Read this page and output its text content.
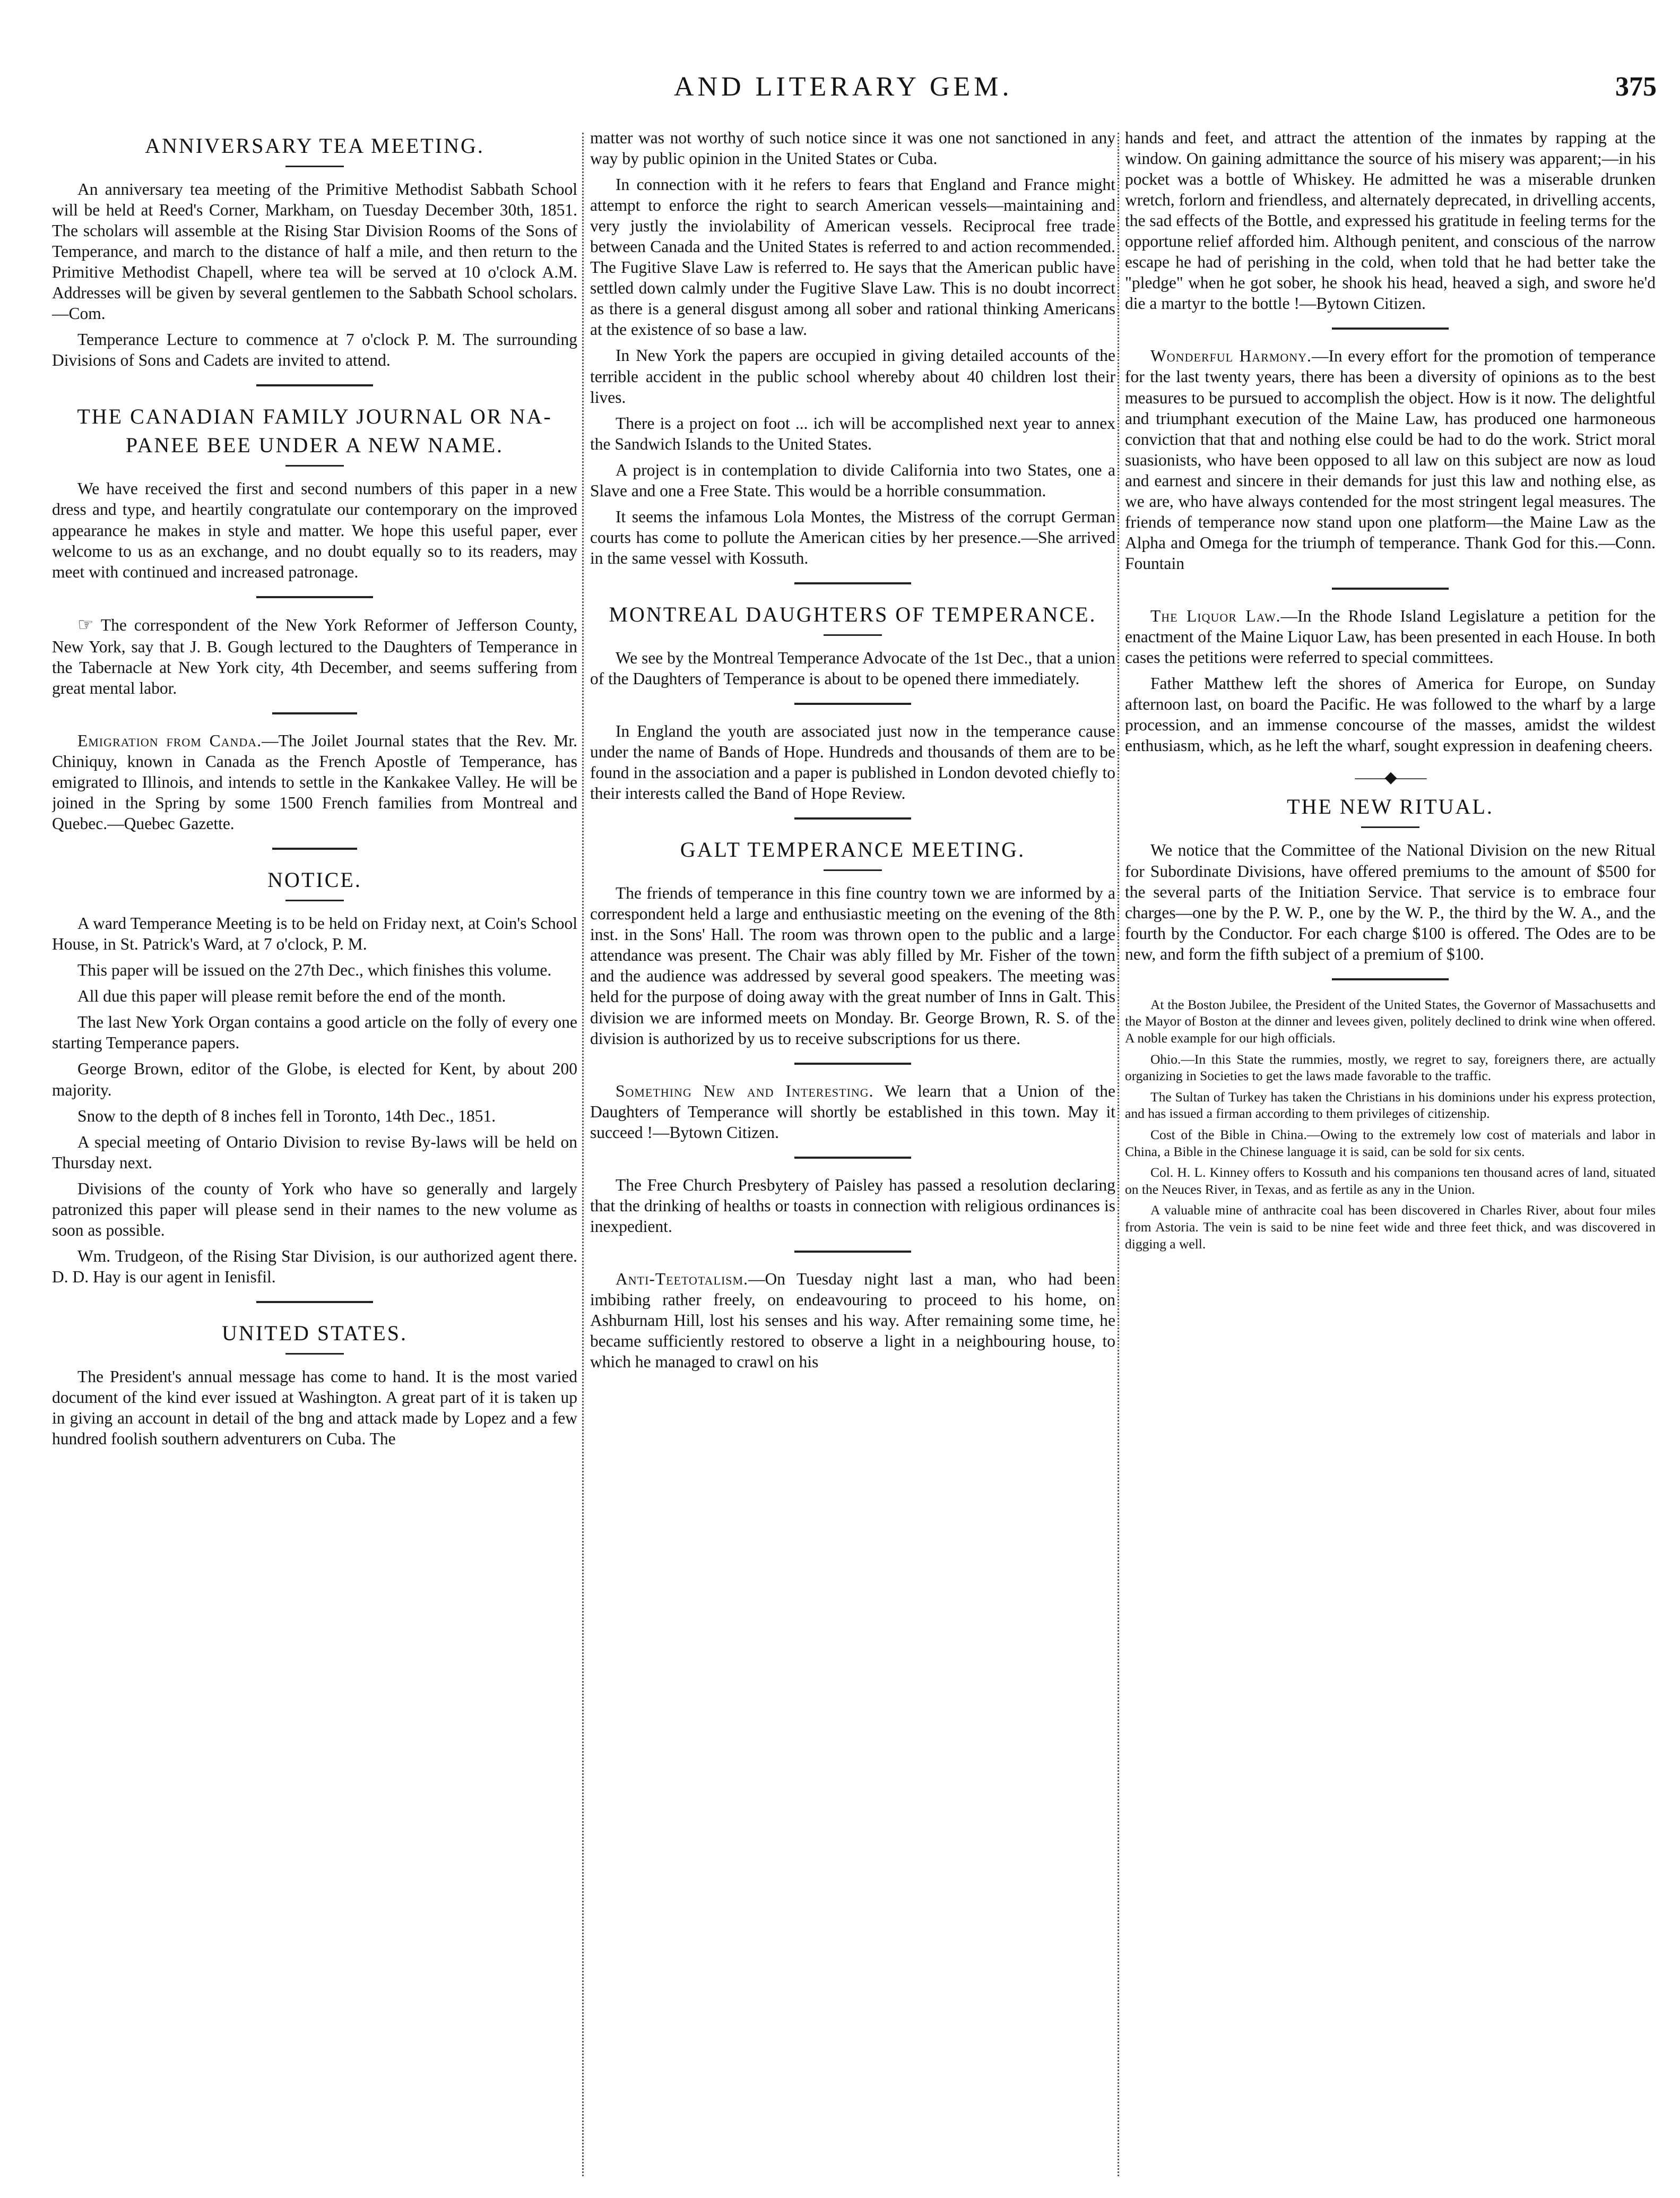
AND LITERARY GEM.	375
ANNIVERSARY TEA MEETING.

An anniversary tea meeting of the Primitive Methodist Sabbath School will be held at Reed's Corner, Markham, on Tuesday December 30th, 1851. The scholars will assemble at the Rising Star Division Rooms of the Sons of Temperance, and march to the distance of half a mile, and then return to the Primitive Methodist Chapell, where tea will be served at 10 o'clock A.M. Addresses will be given by several gentlemen to the Sabbath School scholars.—Com.

Temperance Lecture to commence at 7 o'clock P. M. The surrounding Divisions of Sons and Cadets are invited to attend.

THE CANADIAN FAMILY JOURNAL OR NA-PANEE BEE UNDER A NEW NAME.

We have received the first and second numbers of this paper in a new dress and type, and heartily congratulate our contemporary on the improved appearance he makes in style and matter. We hope this useful paper, ever welcome to us as an exchange, and no doubt equally so to its readers, may meet with continued and increased patronage.

☞ The correspondent of the New York Reformer of Jefferson County, New York, say that J. B. Gough lectured to the Daughters of Temperance in the Tabernacle at New York city, 4th December, and seems suffering from great mental labor.

Emigration from Canda.—The Joilet Journal states that the Rev. Mr. Chiniquy, known in Canada as the French Apostle of Temperance, has emigrated to Illinois, and intends to settle in the Kankakee Valley. He will be joined in the Spring by some 1500 French families from Montreal and Quebec.—Quebec Gazette.

NOTICE.

A ward Temperance Meeting is to be held on Friday next, at Coin's School House, in St. Patrick's Ward, at 7 o'clock, P. M.

This paper will be issued on the 27th Dec., which finishes this volume.

All due this paper will please remit before the end of the month.

The last New York Organ contains a good article on the folly of every one starting Temperance papers.

George Brown, editor of the Globe, is elected for Kent, by about 200 majority.

Snow to the depth of 8 inches fell in Toronto, 14th Dec., 1851.

A special meeting of Ontario Division to revise By-laws will be held on Thursday next.

Divisions of the county of York who have so generally and largely patronized this paper will please send in their names to the new volume as soon as possible.

Wm. Trudgeon, of the Rising Star Division, is our authorized agent there. D. D. Hay is our agent in Ienisfil.

UNITED STATES.

The President's annual message has come to hand. It is the most varied document of the kind ever issued at Washington. A great part of it is taken up in giving an account in detail of the bng and attack made by Lopez and a few hundred foolish southern adventurers on Cuba. The

matter was not worthy of such notice since it was one not sanctioned in any way by public opinion in the United States or Cuba.

In connection with it he refers to fears that England and France might attempt to enforce the right to search American vessels—maintaining and very justly the inviolability of American vessels. Reciprocal free trade between Canada and the United States is referred to and action recommended. The Fugitive Slave Law is referred to. He says that the American public have settled down calmly under the Fugitive Slave Law. This is no doubt incorrect as there is a general disgust among all sober and rational thinking Americans at the existence of so base a law.

In New York the papers are occupied in giving detailed accounts of the terrible accident in the public school whereby about 40 children lost their lives.

There is a project on foot ... ich will be accomplished next year to annex the Sandwich Islands to the United States.

A project is in contemplation to divide California into two States, one a Slave and one a Free State. This would be a horrible consummation.

It seems the infamous Lola Montes, the Mistress of the corrupt German courts has come to pollute the American cities by her presence.—She arrived in the same vessel with Kossuth.

MONTREAL DAUGHTERS OF TEMPERANCE.

We see by the Montreal Temperance Advocate of the 1st Dec., that a union of the Daughters of Temperance is about to be opened there immediately.

In England the youth are associated just now in the temperance cause under the name of Bands of Hope. Hundreds and thousands of them are to be found in the association and a paper is published in London devoted chiefly to their interests called the Band of Hope Review.

GALT TEMPERANCE MEETING.

The friends of temperance in this fine country town we are informed by a correspondent held a large and enthusiastic meeting on the evening of the 8th inst. in the Sons' Hall. The room was thrown open to the public and a large attendance was present. The Chair was ably filled by Mr. Fisher of the town and the audience was addressed by several good speakers. The meeting was held for the purpose of doing away with the great number of Inns in Galt. This division we are informed meets on Monday. Br. George Brown, R. S. of the division is authorized by us to receive subscriptions for us there.

Something New and Interesting. We learn that a Union of the Daughters of Temperance will shortly be established in this town. May it succeed !—Bytown Citizen.

The Free Church Presbytery of Paisley has passed a resolution declaring that the drinking of healths or toasts in connection with religious ordinances is inexpedient.

Anti-Teetotalism.—On Tuesday night last a man, who had been imbibing rather freely, on endeavouring to proceed to his home, on Ashburnam Hill, lost his senses and his way. After remaining some time, he became sufficiently restored to observe a light in a neighbouring house, to which he managed to crawl on his

hands and feet, and attract the attention of the inmates by rapping at the window. On gaining admittance the source of his misery was apparent;—in his pocket was a bottle of Whiskey. He admitted he was a miserable drunken wretch, forlorn and friendless, and alternately deprecated, in drivelling accents, the sad effects of the Bottle, and expressed his gratitude in feeling terms for the opportune relief afforded him. Although penitent, and conscious of the narrow escape he had of perishing in the cold, when told that he had better take the "pledge" when he got sober, he shook his head, heaved a sigh, and swore he'd die a martyr to the bottle !—Bytown Citizen.

Wonderful Harmony.—In every effort for the promotion of temperance for the last twenty years, there has been a diversity of opinions as to the best measures to be pursued to accomplish the object. How is it now. The delightful and triumphant execution of the Maine Law, has produced one harmoneous conviction that that and nothing else could be had to do the work. Strict moral suasionists, who have been opposed to all law on this subject are now as loud and earnest and sincere in their demands for just this law and nothing else, as we are, who have always contended for the most stringent legal measures. The friends of temperance now stand upon one platform—the Maine Law as the Alpha and Omega for the triumph of temperance. Thank God for this.—Conn. Fountain

The Liquor Law.—In the Rhode Island Legislature a petition for the enactment of the Maine Liquor Law, has been presented in each House. In both cases the petitions were referred to special committees.

Father Matthew left the shores of America for Europe, on Sunday afternoon last, on board the Pacific. He was followed to the wharf by a large procession, and an immense concourse of the masses, amidst the wildest enthusiasm, which, as he left the wharf, sought expression in deafening cheers.

——◆——
THE NEW RITUAL.

We notice that the Committee of the National Division on the new Ritual for Subordinate Divisions, have offered premiums to the amount of $500 for the several parts of the Initiation Service. That service is to embrace four charges—one by the P. W. P., one by the W. P., the third by the W. A., and the fourth by the Conductor. For each charge $100 is offered. The Odes are to be new, and form the fifth subject of a premium of $100.

At the Boston Jubilee, the President of the United States, the Governor of Massachusetts and the Mayor of Boston at the dinner and levees given, politely declined to drink wine when offered. A noble example for our high officials.

Ohio.—In this State the rummies, mostly, we regret to say, foreigners there, are actually organizing in Societies to get the laws made favorable to the traffic.

The Sultan of Turkey has taken the Christians in his dominions under his express protection, and has issued a firman according to them privileges of citizenship.

Cost of the Bible in China.—Owing to the extremely low cost of materials and labor in China, a Bible in the Chinese language it is said, can be sold for six cents.

Col. H. L. Kinney offers to Kossuth and his companions ten thousand acres of land, situated on the Neuces River, in Texas, and as fertile as any in the Union.

A valuable mine of anthracite coal has been discovered in Charles River, about four miles from Astoria. The vein is said to be nine feet wide and three feet thick, and was discovered in digging a well.
